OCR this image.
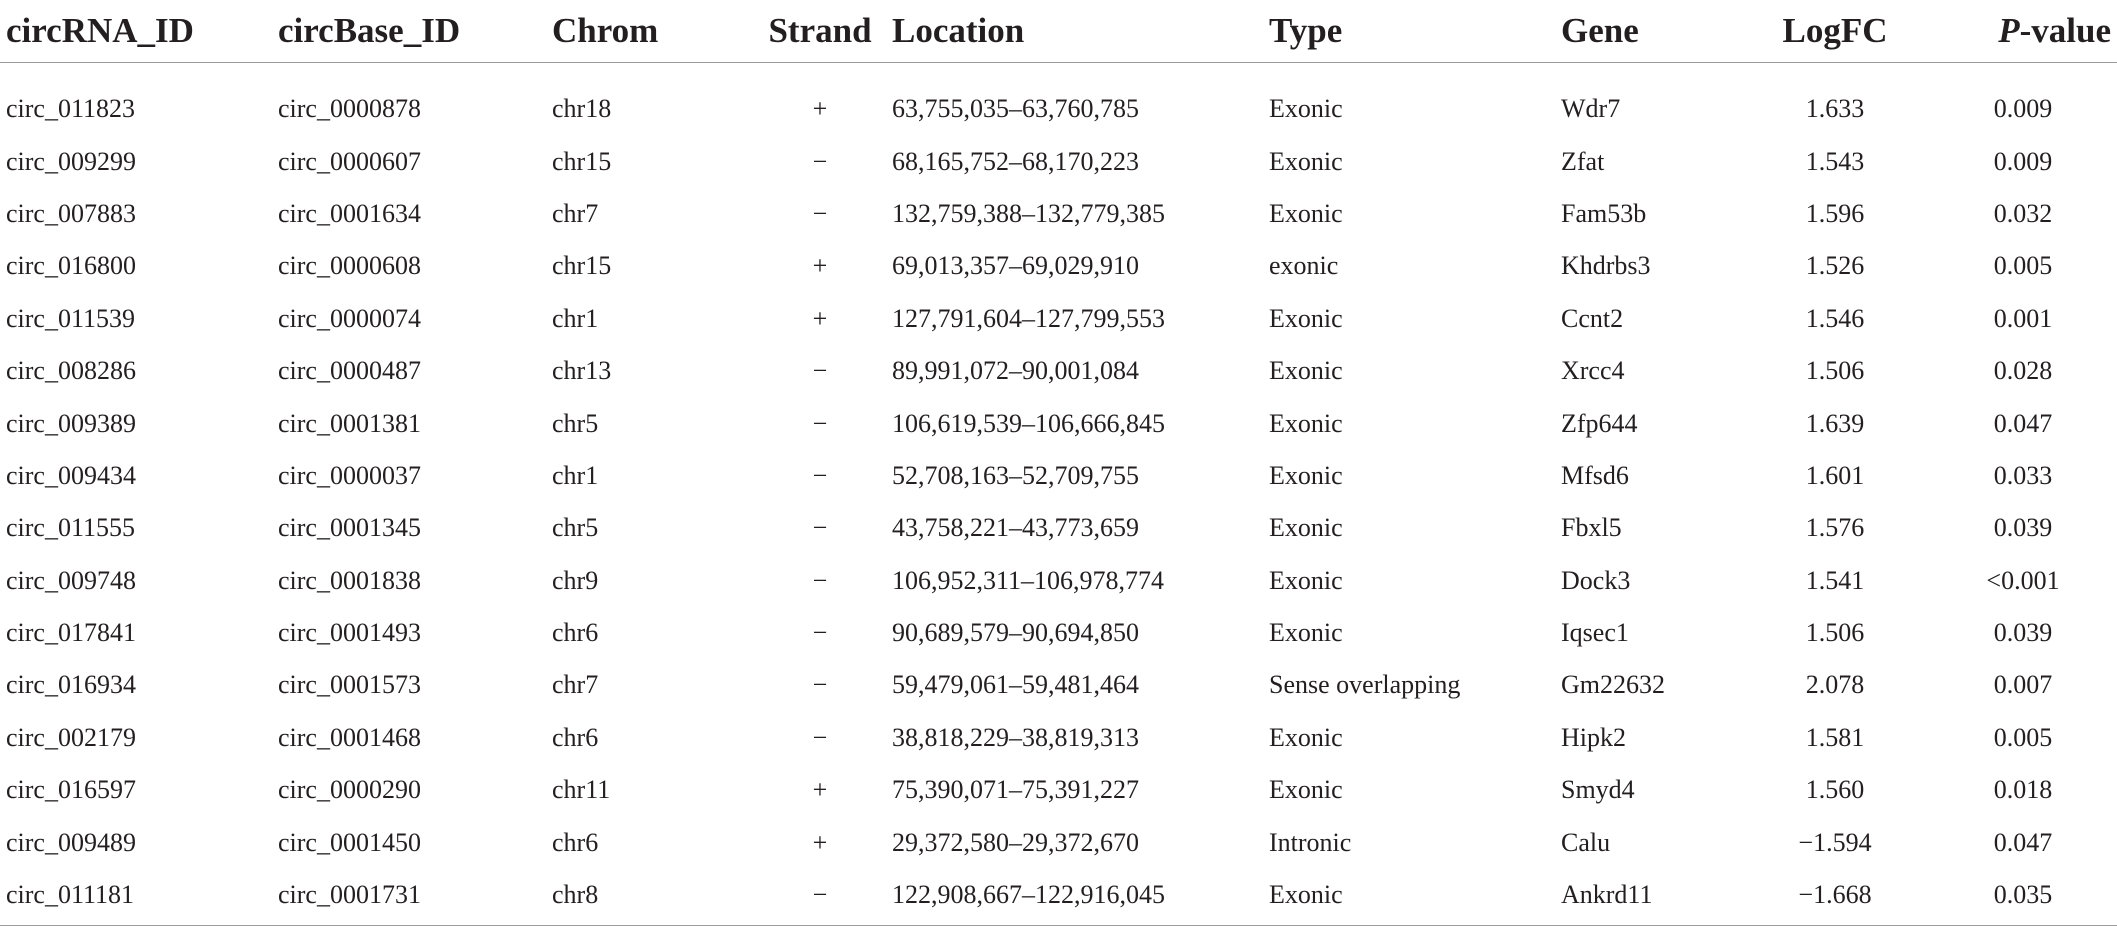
circRNA_ID	circBase_ID	Chrom	Strand	Location	Type	Gene	LogFC	P-value
circ_011823	circ_0000878	chr18	+	63,755,035–63,760,785	Exonic	Wdr7	1.633	0.009
circ_009299	circ_0000607	chr15	−	68,165,752–68,170,223	Exonic	Zfat	1.543	0.009
circ_007883	circ_0001634	chr7	−	132,759,388–132,779,385	Exonic	Fam53b	1.596	0.032
circ_016800	circ_0000608	chr15	+	69,013,357–69,029,910	exonic	Khdrbs3	1.526	0.005
circ_011539	circ_0000074	chr1	+	127,791,604–127,799,553	Exonic	Ccnt2	1.546	0.001
circ_008286	circ_0000487	chr13	−	89,991,072–90,001,084	Exonic	Xrcc4	1.506	0.028
circ_009389	circ_0001381	chr5	−	106,619,539–106,666,845	Exonic	Zfp644	1.639	0.047
circ_009434	circ_0000037	chr1	−	52,708,163–52,709,755	Exonic	Mfsd6	1.601	0.033
circ_011555	circ_0001345	chr5	−	43,758,221–43,773,659	Exonic	Fbxl5	1.576	0.039
circ_009748	circ_0001838	chr9	−	106,952,311–106,978,774	Exonic	Dock3	1.541	<0.001
circ_017841	circ_0001493	chr6	−	90,689,579–90,694,850	Exonic	Iqsec1	1.506	0.039
circ_016934	circ_0001573	chr7	−	59,479,061–59,481,464	Sense overlapping	Gm22632	2.078	0.007
circ_002179	circ_0001468	chr6	−	38,818,229–38,819,313	Exonic	Hipk2	1.581	0.005
circ_016597	circ_0000290	chr11	+	75,390,071–75,391,227	Exonic	Smyd4	1.560	0.018
circ_009489	circ_0001450	chr6	+	29,372,580–29,372,670	Intronic	Calu	−1.594	0.047
circ_011181	circ_0001731	chr8	−	122,908,667–122,916,045	Exonic	Ankrd11	−1.668	0.035
